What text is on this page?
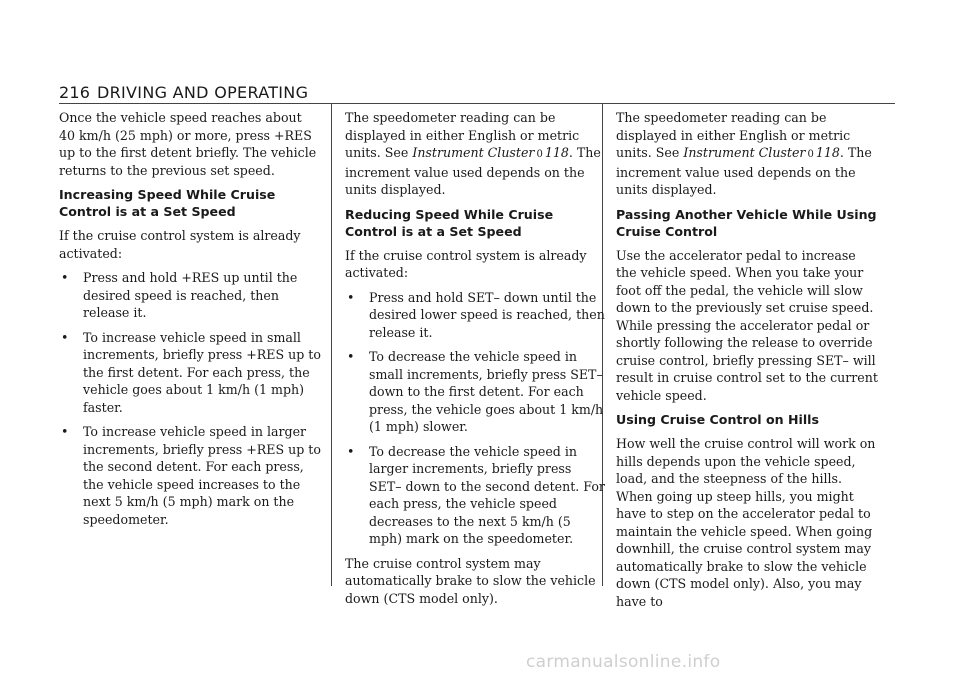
216 DRIVING AND OPERATING

Once the vehicle speed reaches about 40 km/h (25 mph) or more, press +RES up to the first detent briefly. The vehicle returns to the previous set speed.

Increasing Speed While Cruise Control is at a Set Speed

If the cruise control system is already activated:

• Press and hold +RES up until the desired speed is reached, then release it.
• To increase vehicle speed in small increments, briefly press +RES up to the first detent. For each press, the vehicle goes about 1 km/h (1 mph) faster.
• To increase vehicle speed in larger increments, briefly press +RES up to the second detent. For each press, the vehicle speed increases to the next 5 km/h (5 mph) mark on the speedometer.

The speedometer reading can be displayed in either English or metric units. See Instrument Cluster 0 118. The increment value used depends on the units displayed.

Reducing Speed While Cruise Control is at a Set Speed

If the cruise control system is already activated:

• Press and hold SET– down until the desired lower speed is reached, then release it.
• To decrease the vehicle speed in small increments, briefly press SET– down to the first detent. For each press, the vehicle goes about 1 km/h (1 mph) slower.
• To decrease the vehicle speed in larger increments, briefly press SET– down to the second detent. For each press, the vehicle speed decreases to the next 5 km/h (5 mph) mark on the speedometer.

The cruise control system may automatically brake to slow the vehicle down (CTS model only).

The speedometer reading can be displayed in either English or metric units. See Instrument Cluster 0 118. The increment value used depends on the units displayed.

Passing Another Vehicle While Using Cruise Control

Use the accelerator pedal to increase the vehicle speed. When you take your foot off the pedal, the vehicle will slow down to the previously set cruise speed. While pressing the accelerator pedal or shortly following the release to override cruise control, briefly pressing SET– will result in cruise control set to the current vehicle speed.

Using Cruise Control on Hills

How well the cruise control will work on hills depends upon the vehicle speed, load, and the steepness of the hills. When going up steep hills, you might have to step on the accelerator pedal to maintain the vehicle speed. When going downhill, the cruise control system may automatically brake to slow the vehicle down (CTS model only). Also, you may have to

carmanualsonline.info
